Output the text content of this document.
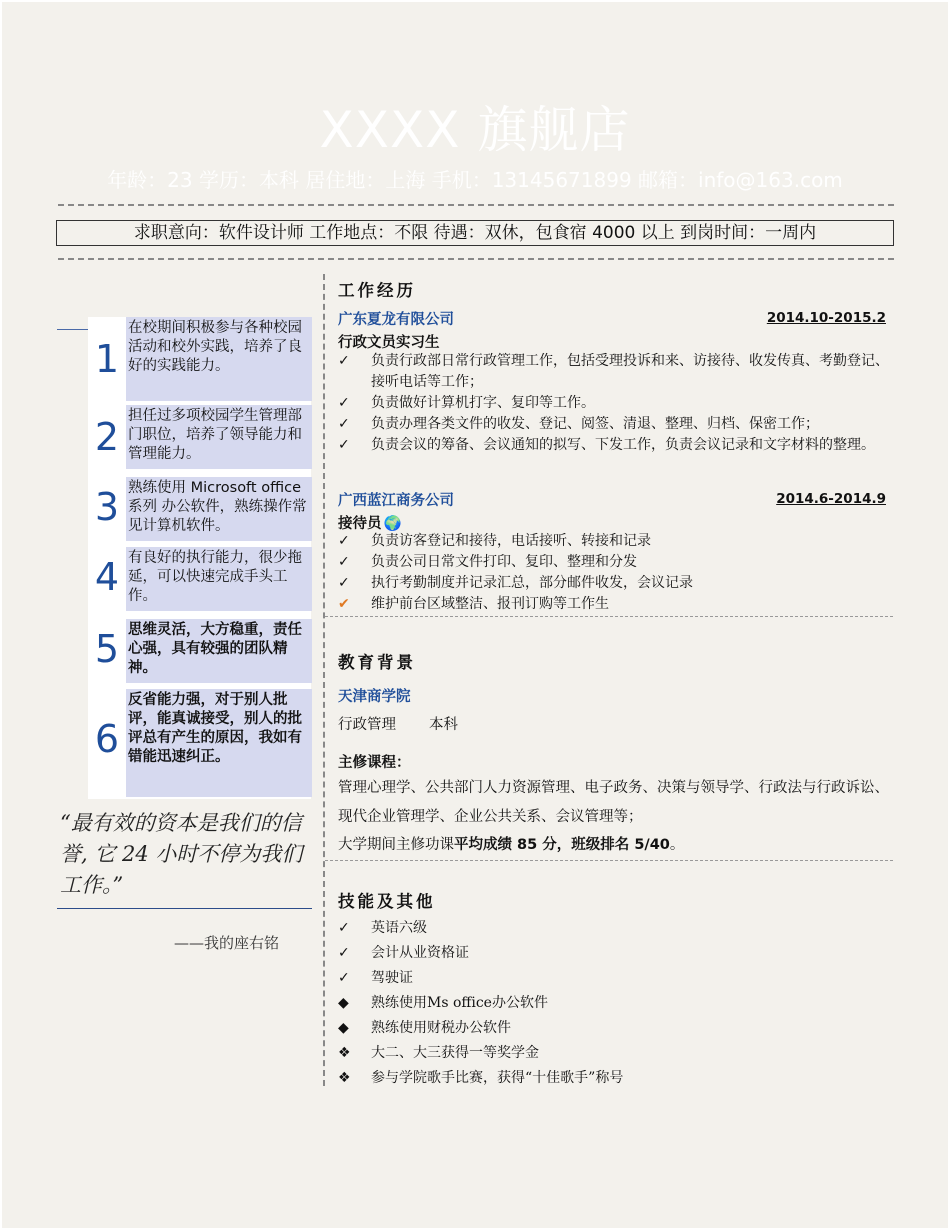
XXXX 旗舰店
年龄：23 学历：本科 居住地：上海 手机：13145671899 邮箱：info@163.com
求职意向：软件设计师 工作地点：不限 待遇：双休，包食宿 4000 以上 到岗时间：一周内
1
在校期间积极参与各种校园活动和校外实践，培养了良好的实践能力。
2 担任过多项校园学生管理部门职位，培养了领导能力和管理能力。
3 熟练使用 Microsoft office 系列 办公软件，熟练操作常见计算机软件。
4 有良好的执行能力，很少拖延，可以快速完成手头工作。
5 思维灵活，大方稳重，责任心强，具有较强的团队精神。
6
反省能力强，对于别人批评，能真诚接受，别人的批评总有产生的原因，我如有错能迅速纠正。
“最有效的资本是我们的信誉, 它 24 小时不停为我们工作。”
——我的座右铭
工作经历
广东夏龙有限公司	2014.10-2015.2
行政文员实习生
✓	负责行政部日常行政管理工作，包括受理投诉和来、访接待、收发传真、考勤登记、接听电话等工作；
✓	负责做好计算机打字、复印等工作。
✓	负责办理各类文件的收发、登记、阅签、清退、整理、归档、保密工作；
✓	负责会议的筹备、会议通知的拟写、下发工作，负责会议记录和文字材料的整理。
广西蓝江商务公司	2014.6-2014.9
接待员 🌍
✓	负责访客登记和接待，电话接听、转接和记录
✓	负责公司日常文件打印、复印、整理和分发
✓	执行考勤制度并记录汇总，部分邮件收发，会议记录
✔	维护前台区域整洁、报刊订购等工作生
教育背景
天津商学院
行政管理 本科
主修课程：
管理心理学、公共部门人力资源管理、电子政务、决策与领导学、行政法与行政诉讼、现代企业管理学、企业公共关系、会议管理等；
大学期间主修功课平均成绩 85 分，班级排名 5/40。
技能及其他
✓	英语六级
✓	会计从业资格证
✓	驾驶证
◆	熟练使用Ms office办公软件
◆	熟练使用财税办公软件
❖	大二、大三获得一等奖学金
❖	参与学院歌手比赛，获得“十佳歌手”称号
